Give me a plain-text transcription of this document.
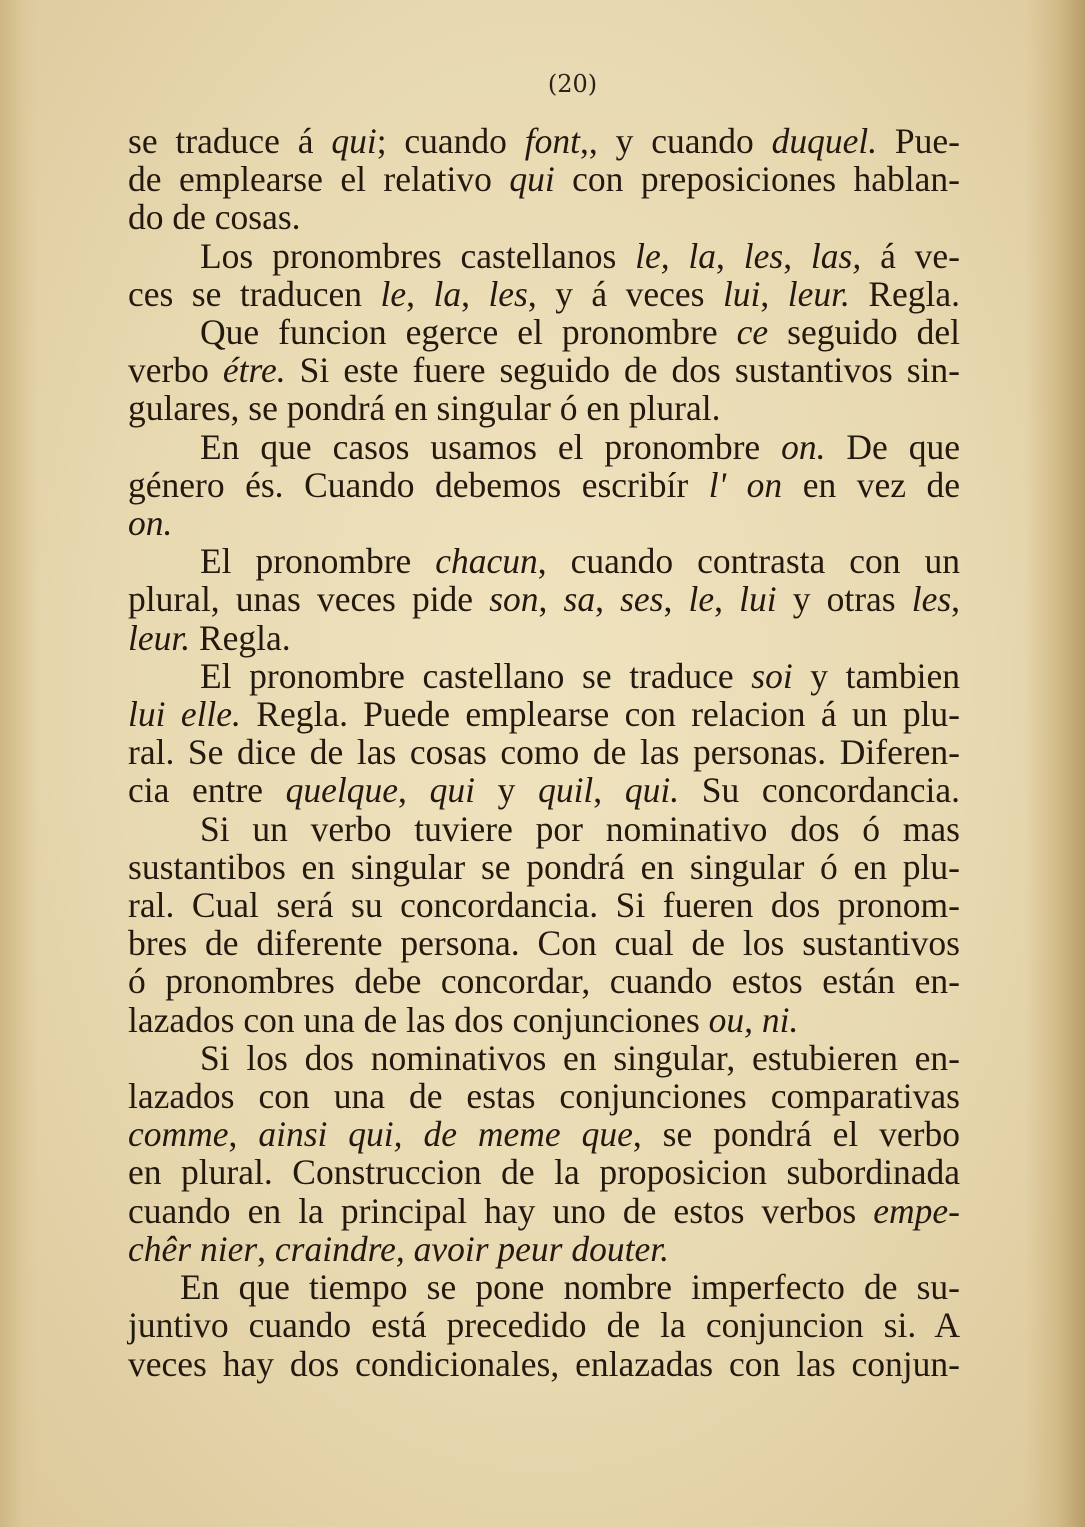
(20)
se traduce á qui; cuando font,, y cuando duquel. Pue-
de emplearse el relativo qui con preposiciones hablan-
do de cosas.
Los pronombres castellanos le, la, les, las, á ve-
ces se traducen le, la, les, y á veces lui, leur. Regla.
Que funcion egerce el pronombre ce seguido del
verbo étre. Si este fuere seguido de dos sustantivos sin-
gulares, se pondrá en singular ó en plural.
En que casos usamos el pronombre on. De que
género és. Cuando debemos escribír l' on en vez de
on.
El pronombre chacun, cuando contrasta con un
plural, unas veces pide son, sa, ses, le, lui y otras les,
leur. Regla.
El pronombre castellano se traduce soi y tambien
lui elle. Regla. Puede emplearse con relacion á un plu-
ral. Se dice de las cosas como de las personas. Diferen-
cia entre quelque, qui y quil, qui. Su concordancia.
Si un verbo tuviere por nominativo dos ó mas
sustantibos en singular se pondrá en singular ó en plu-
ral. Cual será su concordancia. Si fueren dos pronom-
bres de diferente persona. Con cual de los sustantivos
ó pronombres debe concordar, cuando estos están en-
lazados con una de las dos conjunciones ou, ni.
Si los dos nominativos en singular, estubieren en-
lazados con una de estas conjunciones comparativas
comme, ainsi qui, de meme que, se pondrá el verbo
en plural. Construccion de la proposicion subordinada
cuando en la principal hay uno de estos verbos empe-
chêr nier, craindre, avoir peur douter.
En que tiempo se pone nombre imperfecto de su-
juntivo cuando está precedido de la conjuncion si. A
veces hay dos condicionales, enlazadas con las conjun-
